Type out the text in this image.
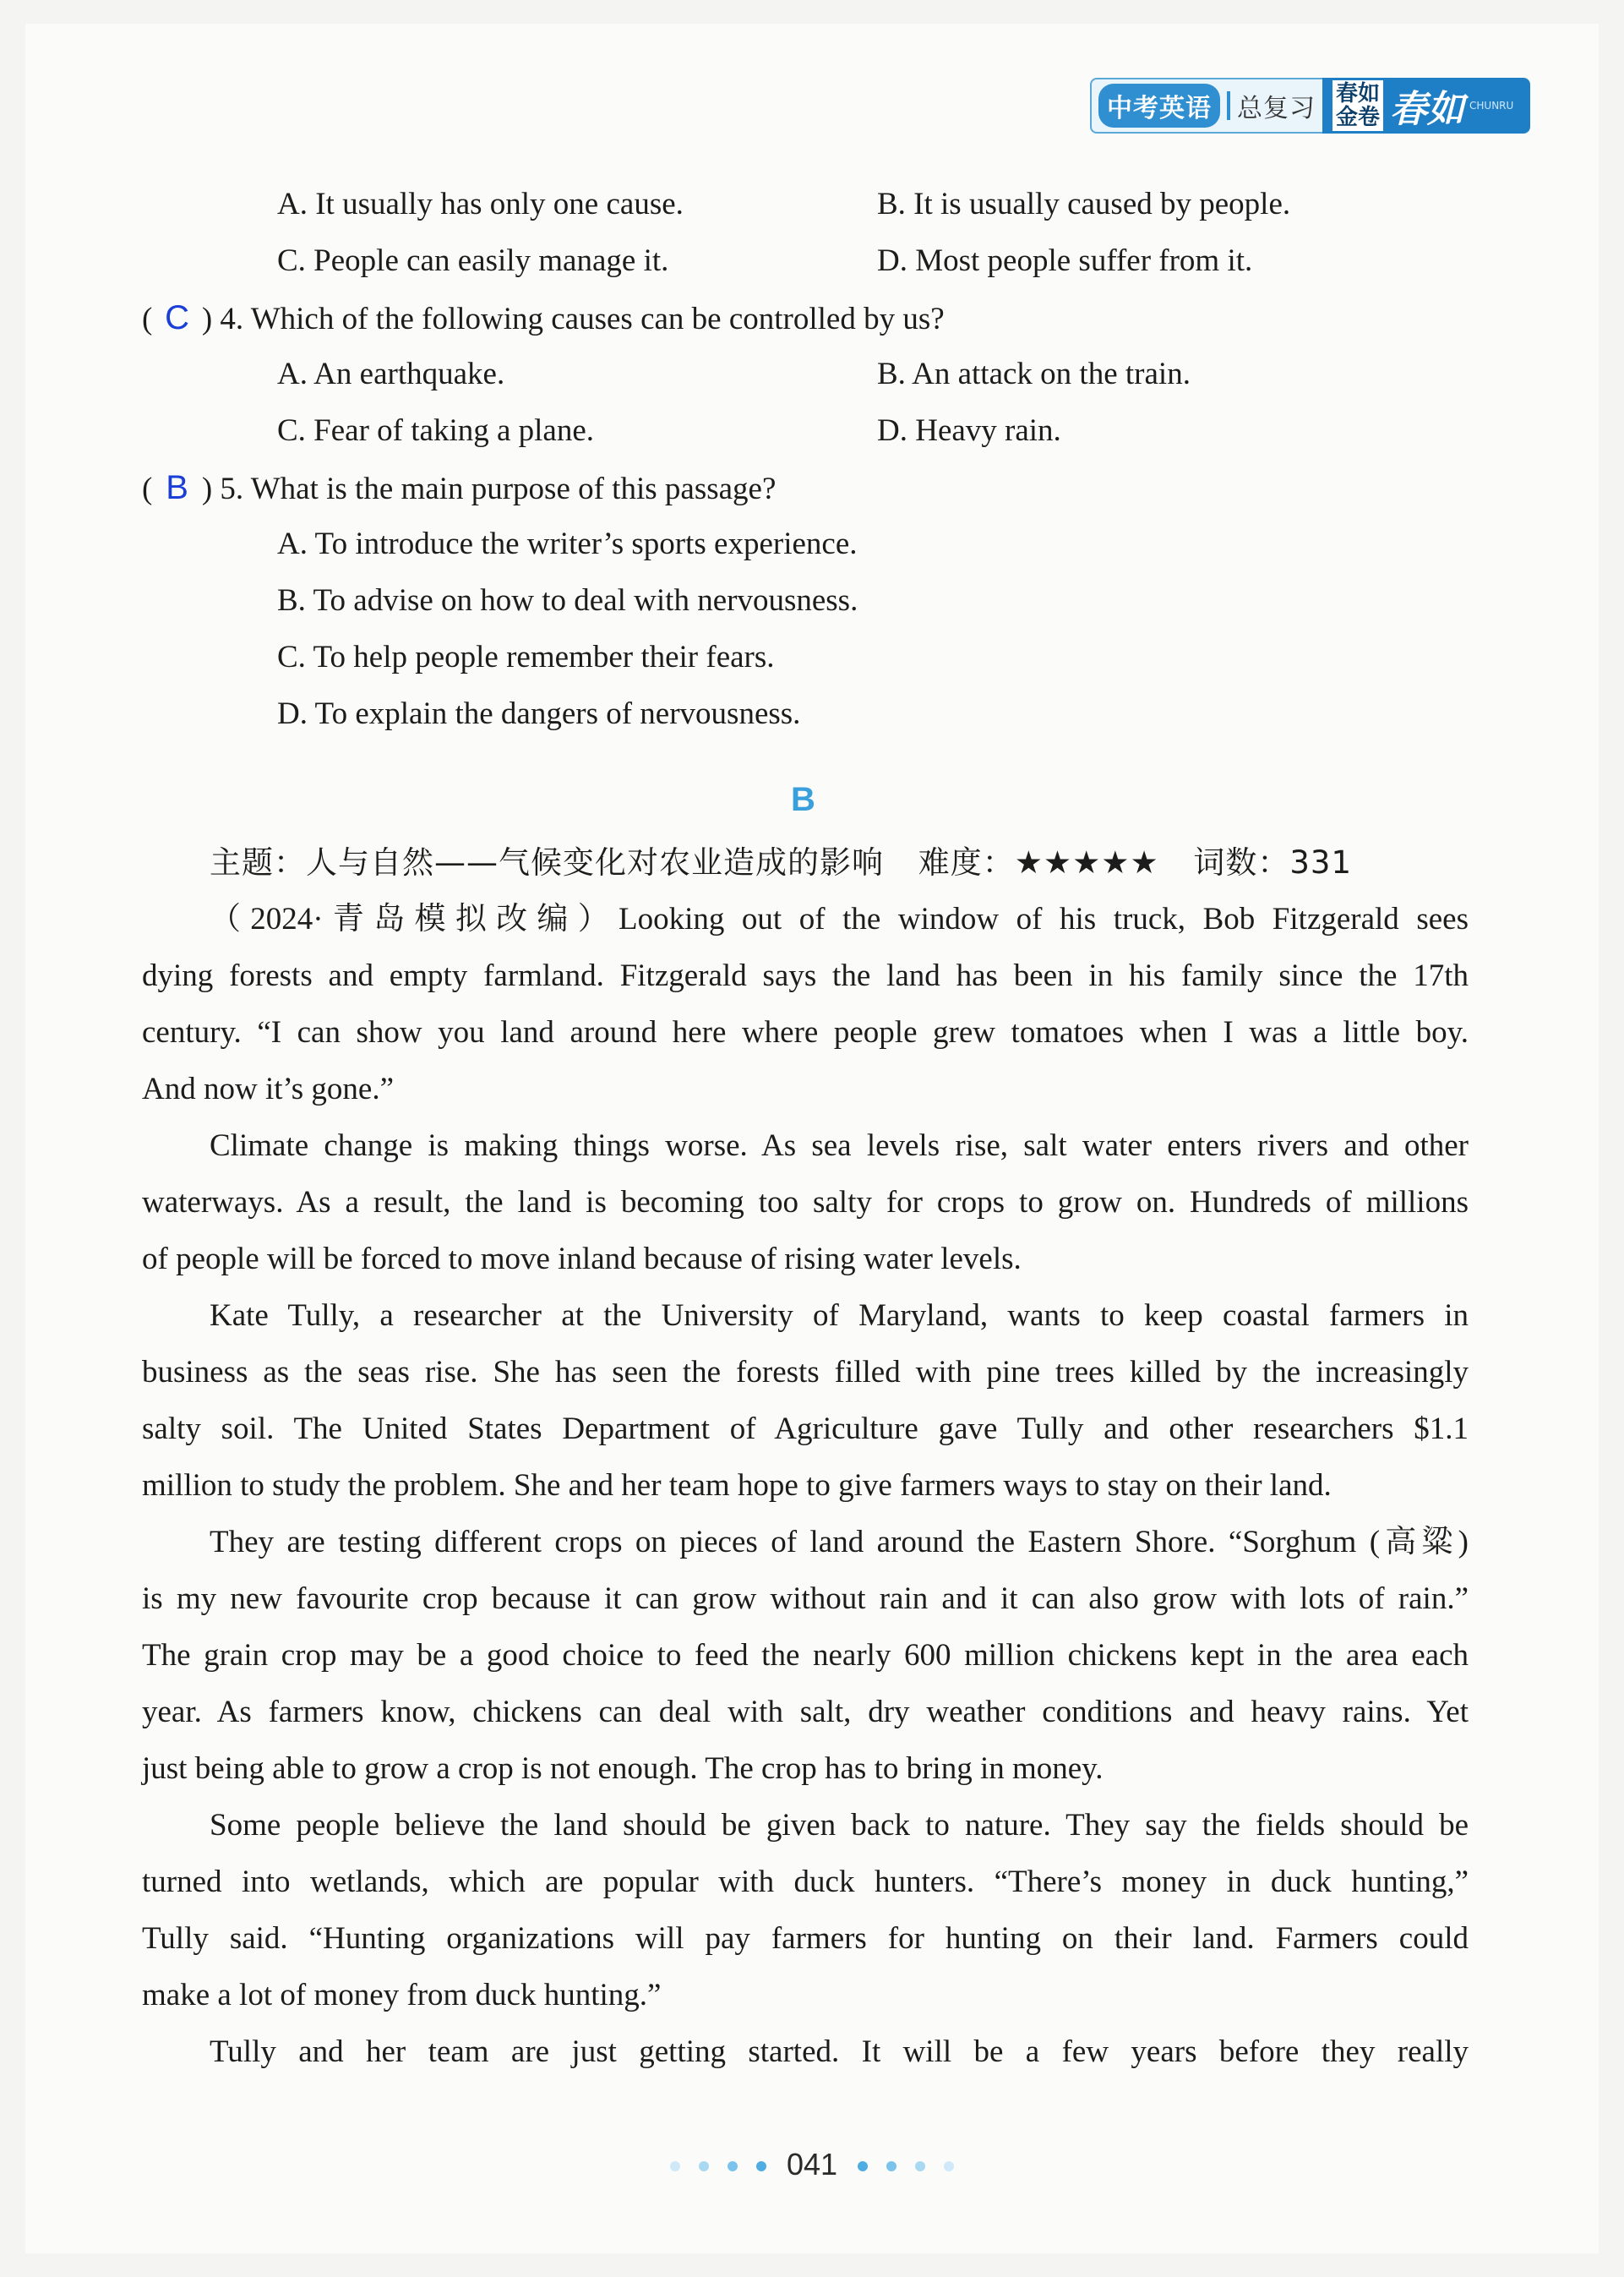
中考英语	总复习 春如
金卷 春如 CHUNRU
A. It usually has only one cause.	B. It is usually caused by people.
C. People can easily manage it.	D. Most people suffer from it.
( C ) 4. Which of the following causes can be controlled by us?
A. An earthquake.	B. An attack on the train.
C. Fear of taking a plane.	D. Heavy rain.
( B ) 5. What is the main purpose of this passage?
A. To introduce the writer’s sports experience.
B. To advise on how to deal with nervousness.
C. To help people remember their fears.
D. To explain the dangers of nervousness.
B
主题：人与自然——气候变化对农业造成的影响 难度：★★★★★ 词数：331
（2024·青岛模拟改编）Looking out of the window of his truck, Bob Fitzgerald sees
dying forests and empty farmland. Fitzgerald says the land has been in his family since the 17th
century. “I can show you land around here where people grew tomatoes when I was a little boy.
And now it’s gone.”
Climate change is making things worse. As sea levels rise, salt water enters rivers and other
waterways. As a result, the land is becoming too salty for crops to grow on. Hundreds of millions
of people will be forced to move inland because of rising water levels.
Kate Tully, a researcher at the University of Maryland, wants to keep coastal farmers in
business as the seas rise. She has seen the forests filled with pine trees killed by the increasingly
salty soil. The United States Department of Agriculture gave Tully and other researchers $1.1
million to study the problem. She and her team hope to give farmers ways to stay on their land.
They are testing different crops on pieces of land around the Eastern Shore. “Sorghum (高粱)
is my new favourite crop because it can grow without rain and it can also grow with lots of rain.”
The grain crop may be a good choice to feed the nearly 600 million chickens kept in the area each
year. As farmers know, chickens can deal with salt, dry weather conditions and heavy rains. Yet
just being able to grow a crop is not enough. The crop has to bring in money.
Some people believe the land should be given back to nature. They say the fields should be
turned into wetlands, which are popular with duck hunters. “There’s money in duck hunting,”
Tully said. “Hunting organizations will pay farmers for hunting on their land. Farmers could
make a lot of money from duck hunting.”
Tully and her team are just getting started. It will be a few years before they really
041
